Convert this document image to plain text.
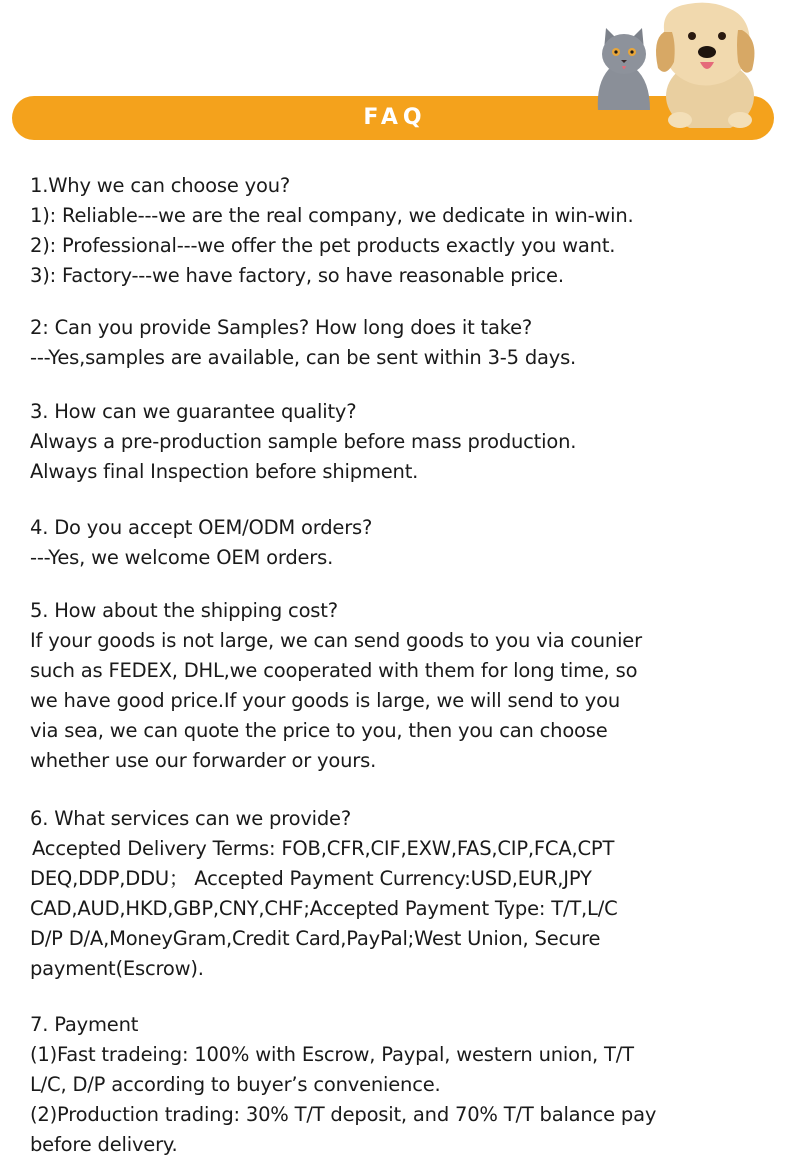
FAQ

1.Why we can choose you?

1): Reliable---we are the real company, we dedicate in win-win.

2): Professional---we offer the pet products exactly you want.

3): Factory---we have factory, so have reasonable price.

2: Can you provide Samples? How long does it take?

---Yes,samples are available, can be sent within 3-5 days.

3. How can we guarantee quality?

Always a pre-production sample before mass production.

Always final Inspection before shipment.

4. Do you accept OEM/ODM orders?

---Yes, we welcome OEM orders.

5. How about the shipping cost?

If your goods is not large, we can send goods to you via counier

such as FEDEX, DHL,we cooperated with them for long time, so

we have good price.If your goods is large, we will send to you

via sea, we can quote the price to you, then you can choose

whether use our forwarder or yours.

6. What services can we provide?

Accepted Delivery Terms: FOB,CFR,CIF,EXW,FAS,CIP,FCA,CPT

DEQ,DDP,DDU； Accepted Payment Currency:USD,EUR,JPY

CAD,AUD,HKD,GBP,CNY,CHF;Accepted Payment Type: T/T,L/C

D/P D/A,MoneyGram,Credit Card,PayPal;West Union, Secure

payment(Escrow).

7. Payment

(1)Fast tradeing: 100% with Escrow, Paypal, western union, T/T

L/C, D/P according to buyer’s convenience.

(2)Production trading: 30% T/T deposit, and 70% T/T balance pay

before delivery.
